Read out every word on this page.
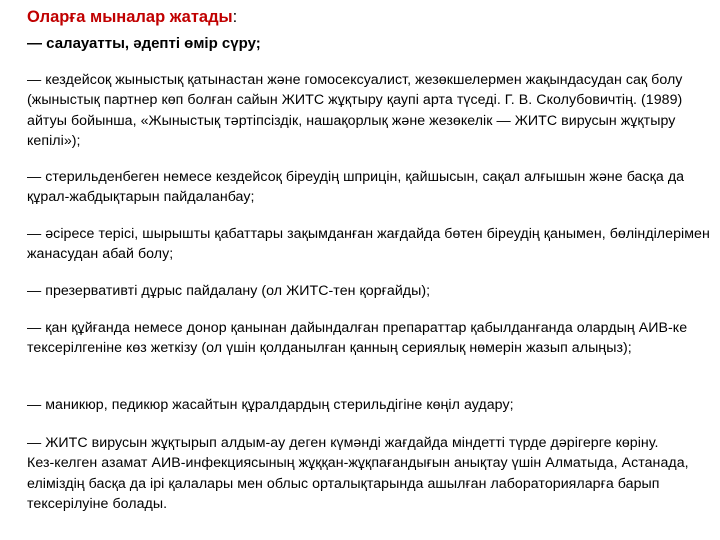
Оларға мыналар жатады:
— салауатты, әдепті өмір сүру;

— кездейсоқ жыныстық қатынастан және гомосексуалист, жезөкшелермен жақындасудан сақ болу (жыныстық партнер көп болған сайын ЖИТС жұқтыру қаупі арта түседі. Г. В. Сколубовичтің. (1989) айтуы бойынша, «Жыныстық тәртіпсіздік, нашақорлық және жезөкелік — ЖИТС вирусын жұқтыру кепілі»);

— стерильденбеген немесе кездейсоқ біреудің шприцін, қайшысын, сақал алғышын және басқа да құрал-жабдықтарын пайдаланбау;

— әсіресе терісі, шырышты қабаттары зақымданған жағдайда бөтен біреудің қанымен, бөлінділерімен жанасудан абай болу;

— презервативті дұрыс пайдалану (ол ЖИТС-тен қорғайды);

— қан құйғанда немесе донор қанынан дайындалған препараттар қабылданғанда олардың АИВ-ке тексерілгеніне көз жеткізу (ол үшін қолданылған қанның сериялық нөмерін жазып алыңыз);

— маникюр, педикюр жасайтын құралдардың стерильдігіне көңіл аудару;

— ЖИТС вирусын жұқтырып алдым-ау деген күмәнді жағдайда міндетті түрде дәрігерге көріну.

Кез-келген азамат АИВ-инфекциясының жұққан-жұқпағандығын анықтау үшін Алматыда, Астанада, еліміздің басқа да ірі қалалары мен облыс орталықтарында ашылған лабораторияларға барып тексерілуіне болады.
